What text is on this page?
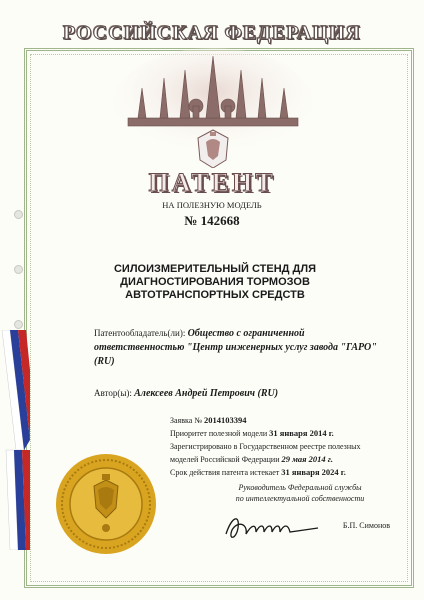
РОССИЙСКАЯ ФЕДЕРАЦИЯ
ПАТЕНТ
НА ПОЛЕЗНУЮ МОДЕЛЬ
№ 142668
СИЛОИЗМЕРИТЕЛЬНЫЙ СТЕНД ДЛЯ
ДИАГНОСТИРОВАНИЯ ТОРМОЗОВ
АВТОТРАНСПОРТНЫХ СРЕДСТВ
Патентообладатель(ли): Общество с ограниченной
ответственностью "Центр инженерных услуг завода "ГАРО"
(RU)
Автор(ы): Алексеев Андрей Петрович (RU)
Заявка № 2014103394
Приоритет полезной модели 31 января 2014 г.
Зарегистрировано в Государственном реестре полезных
моделей Российской Федерации 29 мая 2014 г.
Срок действия патента истекает 31 января 2024 г.
Руководитель Федеральной службы
по интеллектуальной собственности
Б.П. Симонов
